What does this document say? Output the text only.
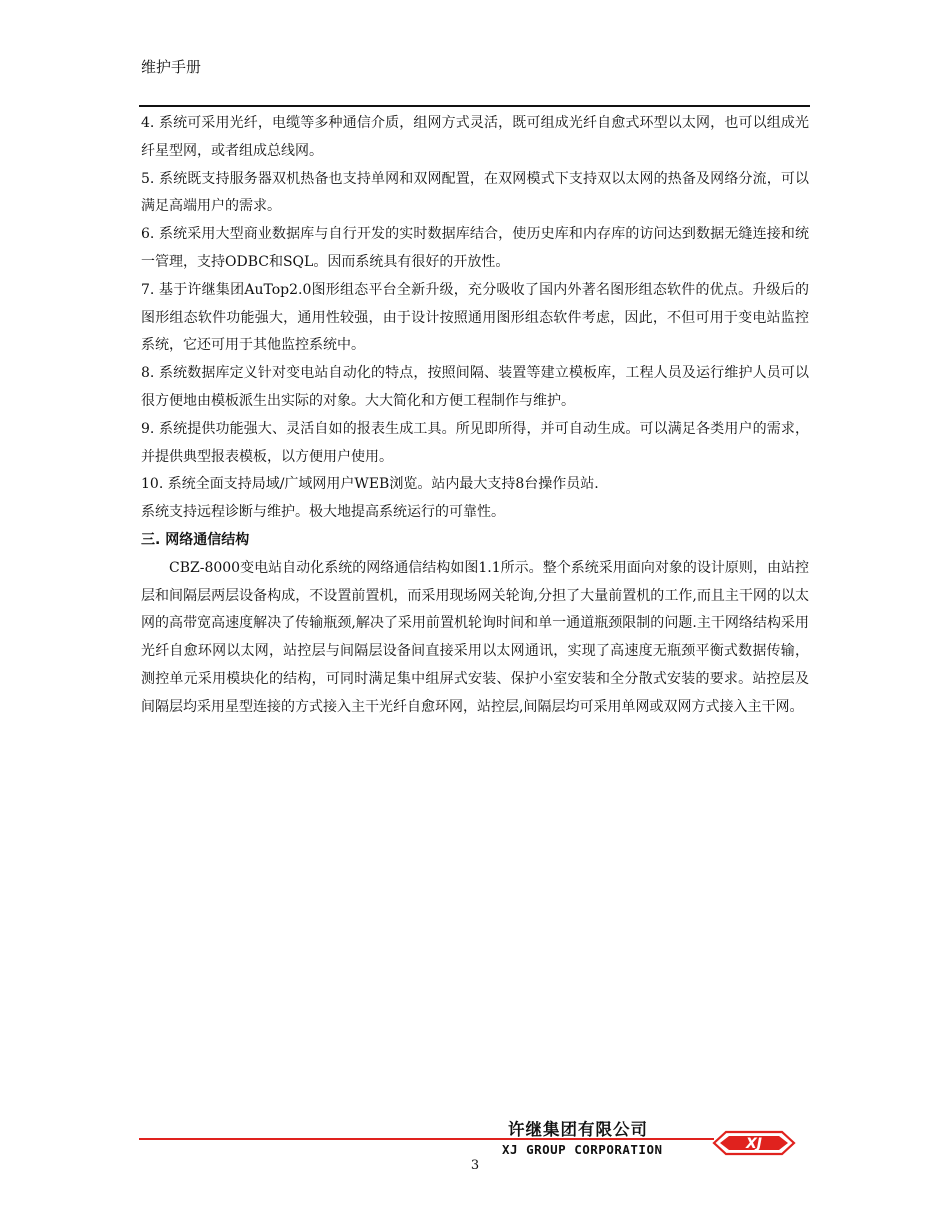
维护手册

4. 系统可采用光纤，电缆等多种通信介质，组网方式灵活，既可组成光纤自愈式环型以太网，也可以组成光纤星型网，或者组成总线网。

5. 系统既支持服务器双机热备也支持单网和双网配置，在双网模式下支持双以太网的热备及网络分流，可以满足高端用户的需求。

6. 系统采用大型商业数据库与自行开发的实时数据库结合，使历史库和内存库的访问达到数据无缝连接和统一管理，支持ODBC和SQL。因而系统具有很好的开放性。

7. 基于许继集团AuTop2.0图形组态平台全新升级，充分吸收了国内外著名图形组态软件的优点。升级后的图形组态软件功能强大，通用性较强，由于设计按照通用图形组态软件考虑，因此，不但可用于变电站监控系统，它还可用于其他监控系统中。

8. 系统数据库定义针对变电站自动化的特点，按照间隔、装置等建立模板库，工程人员及运行维护人员可以很方便地由模板派生出实际的对象。大大简化和方便工程制作与维护。

9. 系统提供功能强大、灵活自如的报表生成工具。所见即所得，并可自动生成。可以满足各类用户的需求，并提供典型报表模板，以方便用户使用。

10. 系统全面支持局域/广域网用户WEB浏览。站内最大支持8台操作员站.

系统支持远程诊断与维护。极大地提高系统运行的可靠性。

三. 网络通信结构

CBZ-8000变电站自动化系统的网络通信结构如图1.1所示。整个系统采用面向对象的设计原则，由站控层和间隔层两层设备构成，不设置前置机，而采用现场网关轮询,分担了大量前置机的工作,而且主干网的以太网的高带宽高速度解决了传输瓶颈,解决了采用前置机轮询时间和单一通道瓶颈限制的问题.主干网络结构采用光纤自愈环网以太网，站控层与间隔层设备间直接采用以太网通讯，实现了高速度无瓶颈平衡式数据传输，测控单元采用模块化的结构，可同时满足集中组屏式安装、保护小室安装和全分散式安装的要求。站控层及间隔层均采用星型连接的方式接入主干光纤自愈环网，站控层,间隔层均可采用单网或双网方式接入主干网。

许继集团有限公司
XJ GROUP CORPORATION	XJ
3
